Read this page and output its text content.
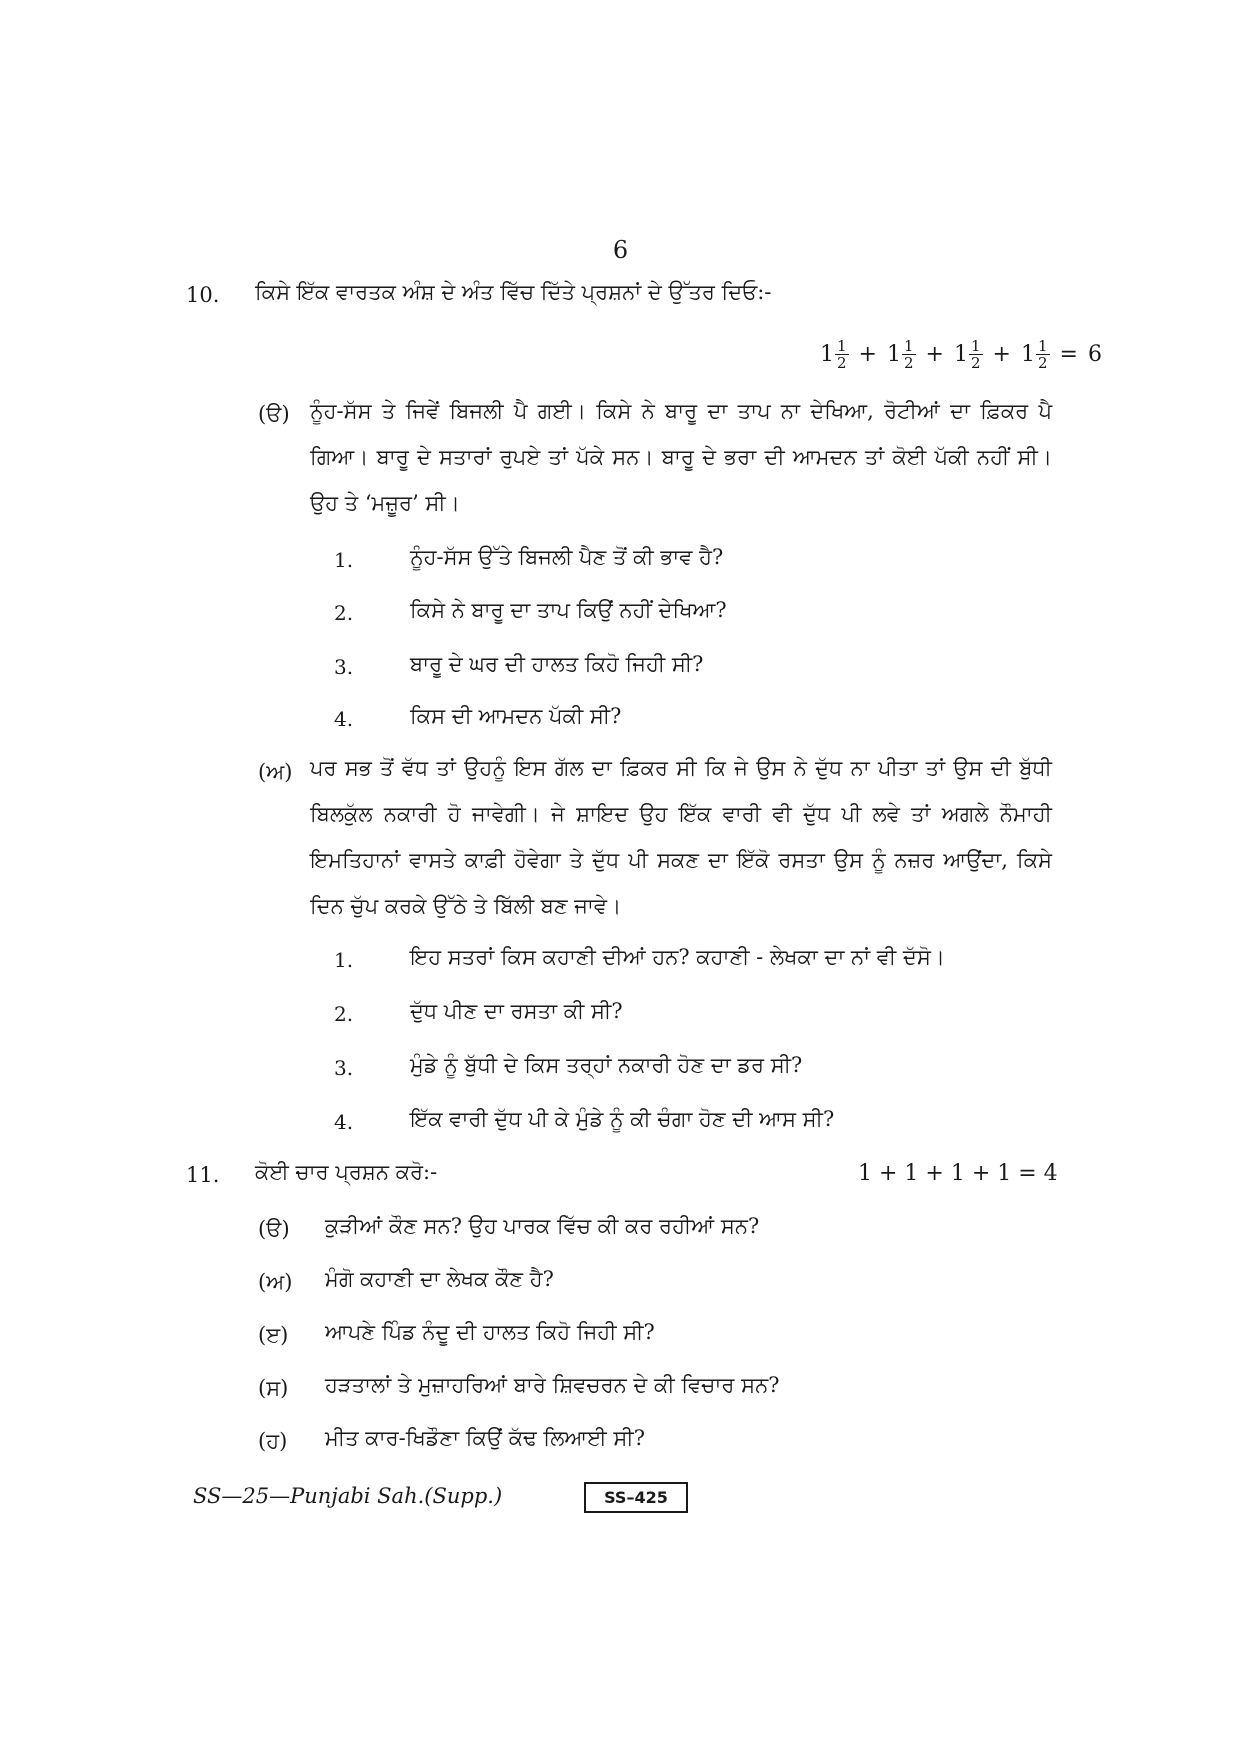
6
10. ਕਿਸੇ ਇੱਕ ਵਾਰਤਕ ਅੰਸ਼ ਦੇ ਅੰਤ ਵਿੱਚ ਦਿੱਤੇ ਪ੍ਰਸ਼ਨਾਂ ਦੇ ਉੱਤਰ ਦਿਓ:-
$1 \frac{1}{2} + 1 \frac{1}{2} + 1 \frac{1}{2} + 1 \frac{1}{2} = 6$
(ੳ) ਨੂੰਹ-ਸੱਸ ਤੇ ਜਿਵੇਂ ਬਿਜਲੀ ਪੈ ਗਈ। ਕਿਸੇ ਨੇ ਬਾਰੂ ਦਾ ਤਾਪ ਨਾ ਦੇਖਿਆ, ਰੋਟੀਆਂ ਦਾ ਫ਼ਿਕਰ ਪੈ ਗਿਆ। ਬਾਰੂ ਦੇ ਸਤਾਰਾਂ ਰੁਪਏ ਤਾਂ ਪੱਕੇ ਸਨ। ਬਾਰੂ ਦੇ ਭਰਾ ਦੀ ਆਮਦਨ ਤਾਂ ਕੋਈ ਪੱਕੀ ਨਹੀਂ ਸੀ। ਉਹ ਤੇ ‘ਮਜ਼ੂਰ’ ਸੀ।
1.	ਨੂੰਹ-ਸੱਸ ਉੱਤੇ ਬਿਜਲੀ ਪੈਣ ਤੋਂ ਕੀ ਭਾਵ ਹੈ?
2.	ਕਿਸੇ ਨੇ ਬਾਰੂ ਦਾ ਤਾਪ ਕਿਉਂ ਨਹੀਂ ਦੇਖਿਆ?
3.	ਬਾਰੂ ਦੇ ਘਰ ਦੀ ਹਾਲਤ ਕਿਹੋ ਜਿਹੀ ਸੀ?
4.	ਕਿਸ ਦੀ ਆਮਦਨ ਪੱਕੀ ਸੀ?
(ਅ) ਪਰ ਸਭ ਤੋਂ ਵੱਧ ਤਾਂ ਉਹਨੂੰ ਇਸ ਗੱਲ ਦਾ ਫ਼ਿਕਰ ਸੀ ਕਿ ਜੇ ਉਸ ਨੇ ਦੁੱਧ ਨਾ ਪੀਤਾ ਤਾਂ ਉਸ ਦੀ ਬੁੱਧੀ ਬਿਲਕੁੱਲ ਨਕਾਰੀ ਹੋ ਜਾਵੇਗੀ। ਜੇ ਸ਼ਾਇਦ ਉਹ ਇੱਕ ਵਾਰੀ ਵੀ ਦੁੱਧ ਪੀ ਲਵੇ ਤਾਂ ਅਗਲੇ ਨੌਮਾਹੀ ਇਮਤਿਹਾਨਾਂ ਵਾਸਤੇ ਕਾਫ਼ੀ ਹੋਵੇਗਾ ਤੇ ਦੁੱਧ ਪੀ ਸਕਣ ਦਾ ਇੱਕੋ ਰਸਤਾ ਉਸ ਨੂੰ ਨਜ਼ਰ ਆਉਂਦਾ, ਕਿਸੇ ਦਿਨ ਚੁੱਪ ਕਰਕੇ ਉੱਠੇ ਤੇ ਬਿੱਲੀ ਬਣ ਜਾਵੇ।
1.	ਇਹ ਸਤਰਾਂ ਕਿਸ ਕਹਾਣੀ ਦੀਆਂ ਹਨ? ਕਹਾਣੀ - ਲੇਖਕਾ ਦਾ ਨਾਂ ਵੀ ਦੱਸੋ।
2.	ਦੁੱਧ ਪੀਣ ਦਾ ਰਸਤਾ ਕੀ ਸੀ?
3.	ਮੁੰਡੇ ਨੂੰ ਬੁੱਧੀ ਦੇ ਕਿਸ ਤਰ੍ਹਾਂ ਨਕਾਰੀ ਹੋਣ ਦਾ ਡਰ ਸੀ?
4.	ਇੱਕ ਵਾਰੀ ਦੁੱਧ ਪੀ ਕੇ ਮੁੰਡੇ ਨੂੰ ਕੀ ਚੰਗਾ ਹੋਣ ਦੀ ਆਸ ਸੀ?
11. ਕੋਈ ਚਾਰ ਪ੍ਰਸ਼ਨ ਕਰੋ:-	1 + 1 + 1 + 1 = 4
(ੳ) ਕੁੜੀਆਂ ਕੌਣ ਸਨ? ਉਹ ਪਾਰਕ ਵਿੱਚ ਕੀ ਕਰ ਰਹੀਆਂ ਸਨ?
(ਅ) ਮੰਗੋ ਕਹਾਣੀ ਦਾ ਲੇਖਕ ਕੌਣ ਹੈ?
(ੲ) ਆਪਣੇ ਪਿੰਡ ਨੰਦੂ ਦੀ ਹਾਲਤ ਕਿਹੋ ਜਿਹੀ ਸੀ?
(ਸ) ਹੜਤਾਲਾਂ ਤੇ ਮੁਜ਼ਾਹਰਿਆਂ ਬਾਰੇ ਸ਼ਿਵਚਰਨ ਦੇ ਕੀ ਵਿਚਾਰ ਸਨ?
(ਹ) ਮੀਤ ਕਾਰ-ਖਿਡੌਣਾ ਕਿਉਂ ਕੱਢ ਲਿਆਈ ਸੀ?
SS—25—Punjabi Sah.(Supp.)	SS–425
